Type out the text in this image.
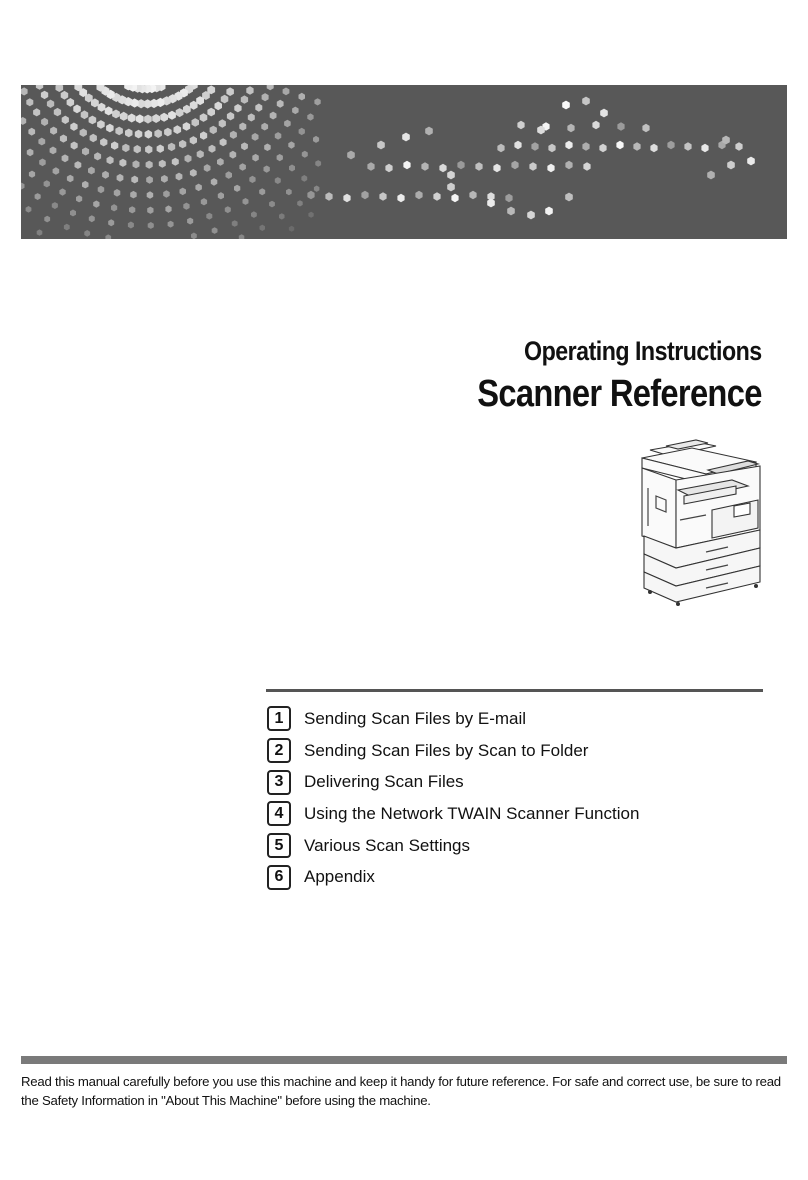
Operating Instructions
Scanner Reference
1	Sending Scan Files by E-mail
2	Sending Scan Files by Scan to Folder
3	Delivering Scan Files
4	Using the Network TWAIN Scanner Function
5	Various Scan Settings
6	Appendix
Read this manual carefully before you use this machine and keep it handy for future reference. For safe and correct use, be sure to read the Safety Information in "About This Machine" before using the machine.
